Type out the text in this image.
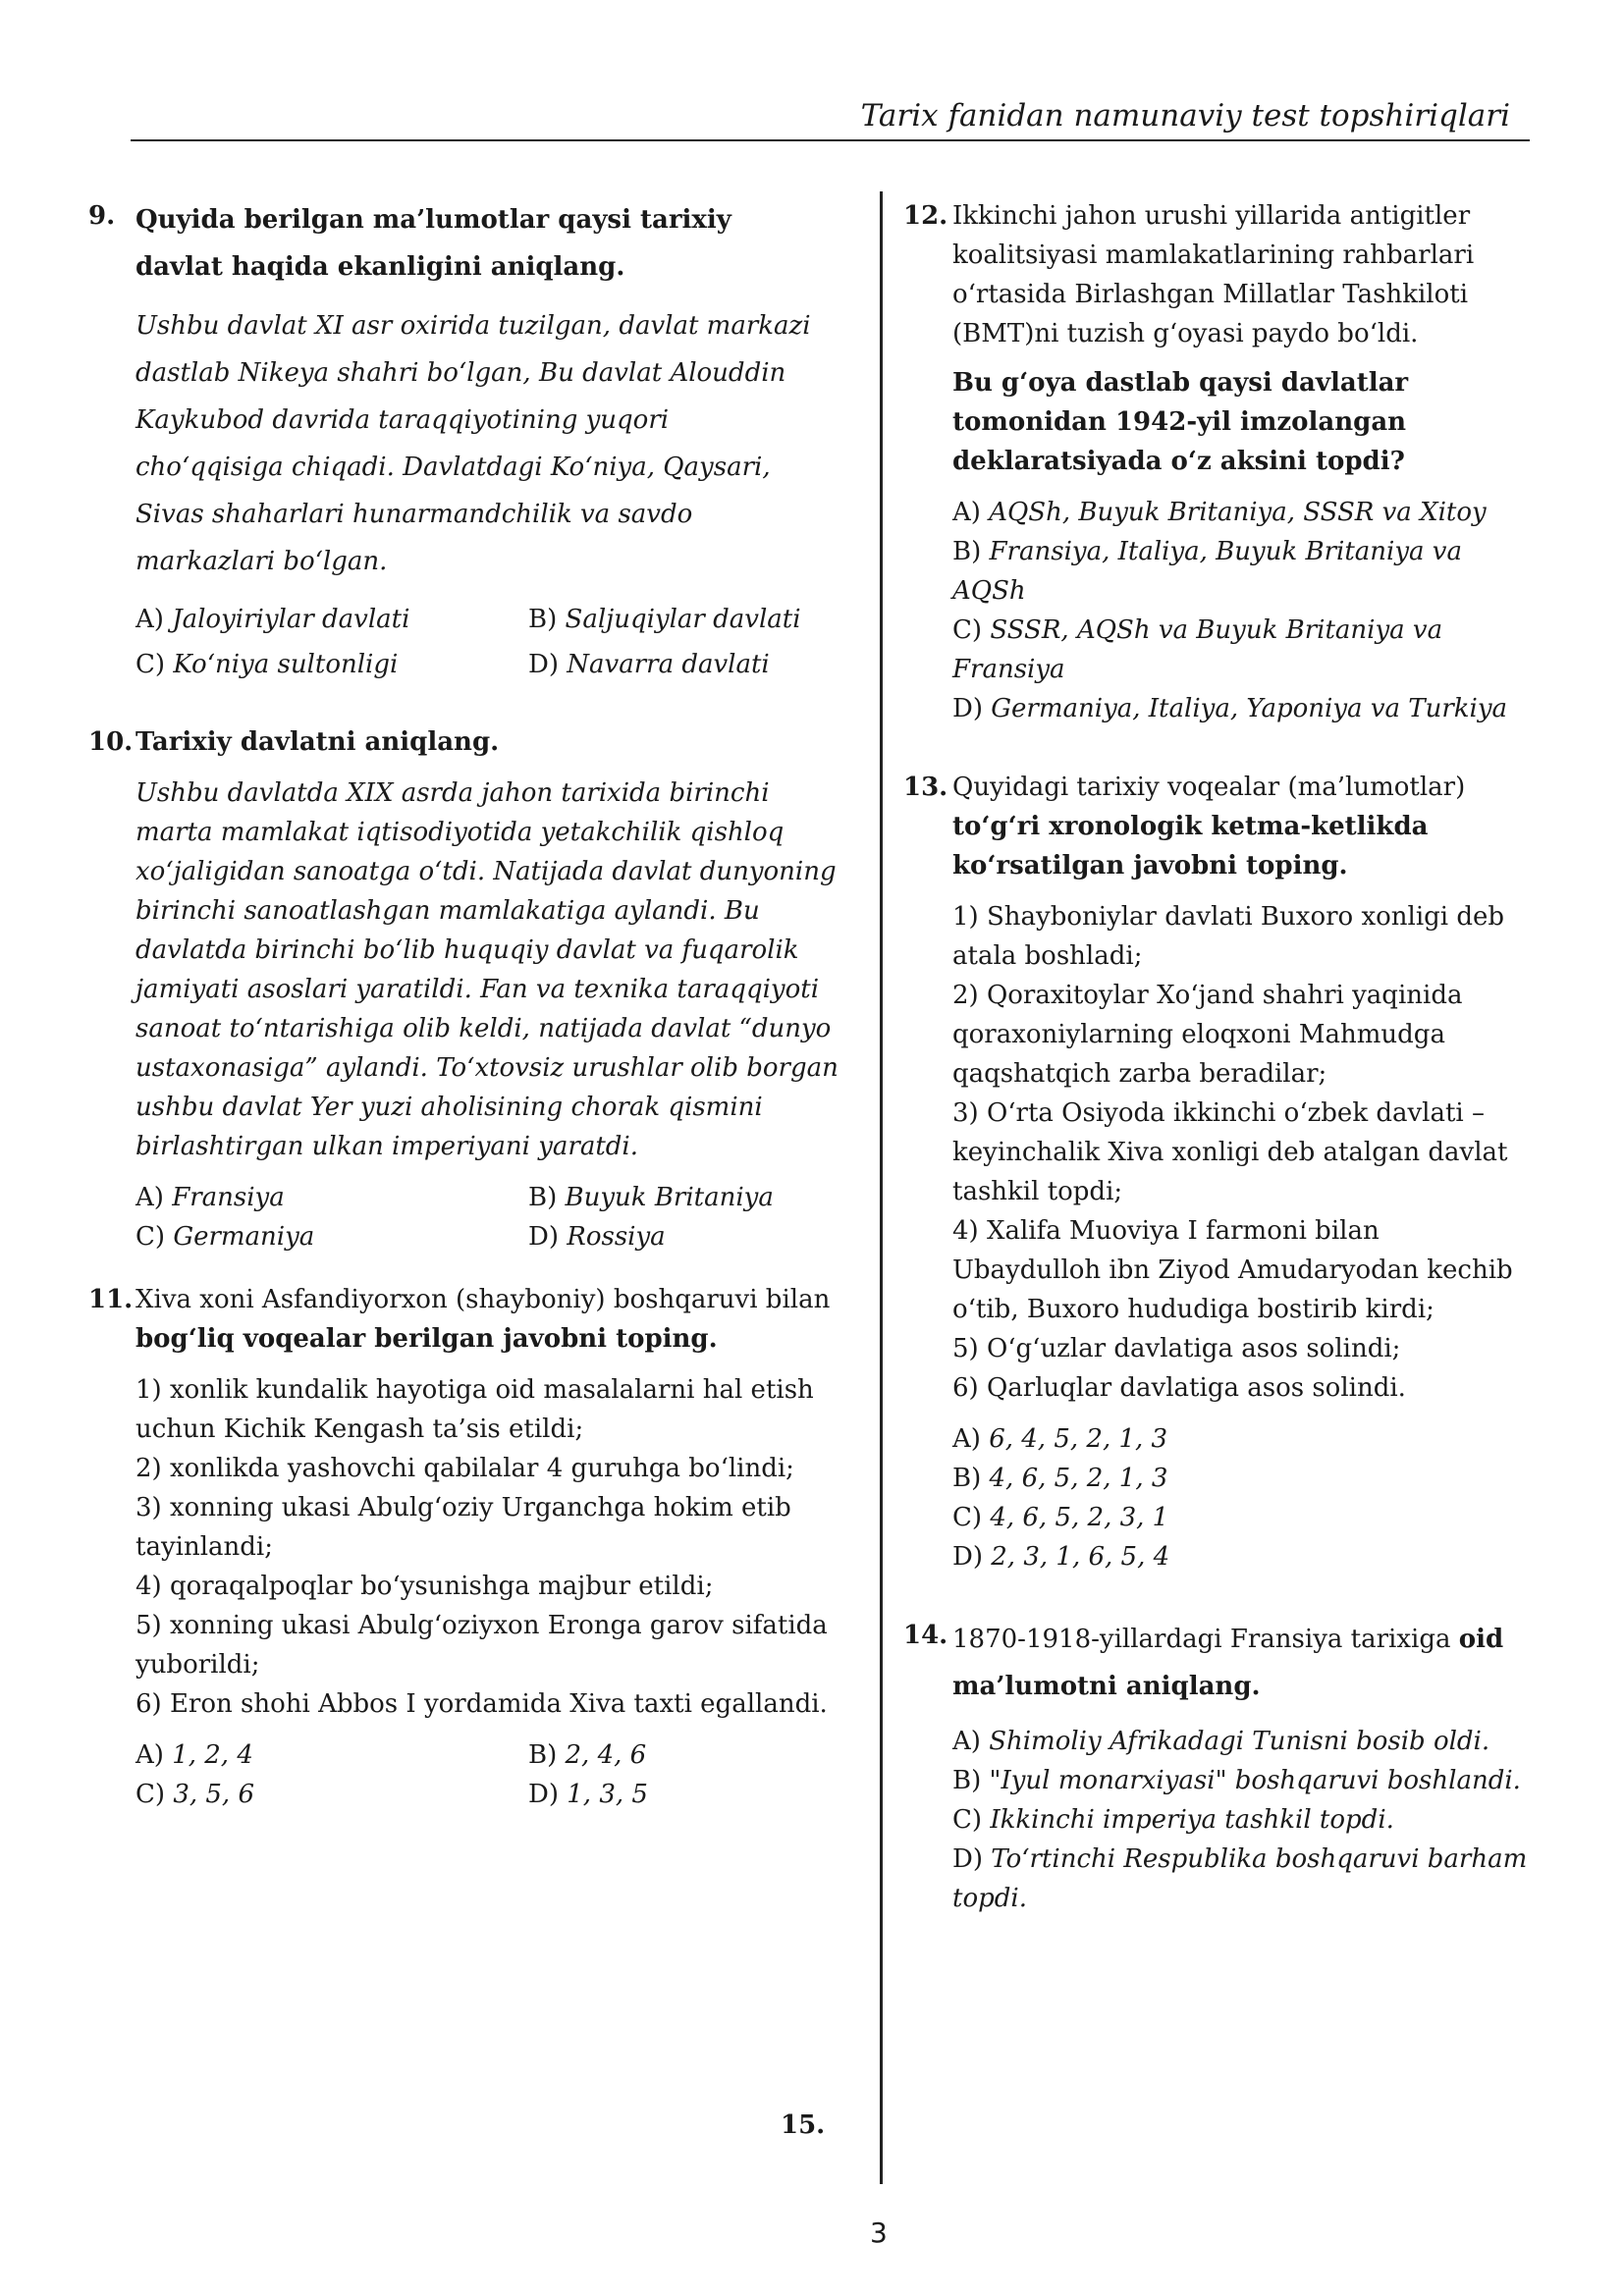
Tarix fanidan namunaviy test topshiriqlari
9. Quyida berilgan ma’lumotlar qaysi tarixiy davlat haqida ekanligini aniqlang.
Ushbu davlat XI asr oxirida tuzilgan, davlat markazi dastlab Nikeya shahri bo‘lgan, Bu davlat Alouddin Kaykubod davrida taraqqiyotining yuqori cho‘qqisiga chiqadi. Davlatdagi Ko‘niya, Qaysari, Sivas shaharlari hunarmandchilik va savdo markazlari bo‘lgan.
A) Jaloyiriylar davlati	B) Saljuqiylar davlati
C) Ko‘niya sultonligi	D) Navarra davlati
10. Tarixiy davlatni aniqlang.
Ushbu davlatda XIX asrda jahon tarixida birinchi marta mamlakat iqtisodiyotida yetakchilik qishloq xo‘jaligidan sanoatga o‘tdi. Natijada davlat dunyoning birinchi sanoatlashgan mamlakatiga aylandi. Bu davlatda birinchi bo‘lib huquqiy davlat va fuqarolik jamiyati asoslari yaratildi. Fan va texnika taraqqiyoti sanoat to‘ntarishiga olib keldi, natijada davlat “dunyo ustaxonasiga” aylandi. To‘xtovsiz urushlar olib borgan ushbu davlat Yer yuzi aholisining chorak qismini birlashtirgan ulkan imperiyani yaratdi.
A) Fransiya	B) Buyuk Britaniya
C) Germaniya	D) Rossiya
11. Xiva xoni Asfandiyorxon (shayboniy) boshqaruvi bilan bog‘liq voqealar berilgan javobni toping.

1) xonlik kundalik hayotiga oid masalalarni hal etish uchun Kichik Kengash ta’sis etildi;

2) xonlikda yashovchi qabilalar 4 guruhga bo‘lindi;

3) xonning ukasi Abulg‘oziy Urganchga hokim etib tayinlandi;

4) qoraqalpoqlar bo‘ysunishga majbur etildi;

5) xonning ukasi Abulg‘oziyxon Eronga garov sifatida yuborildi;

6) Eron shohi Abbos I yordamida Xiva taxti egallandi.

A) 1, 2, 4	B) 2, 4, 6
C) 3, 5, 6	D) 1, 3, 5
15.
12. Ikkinchi jahon urushi yillarida antigitler koalitsiyasi mamlakatlarining rahbarlari o‘rtasida Birlashgan Millatlar Tashkiloti (BMT)ni tuzish g‘oyasi paydo bo‘ldi.
Bu g‘oya dastlab qaysi davlatlar tomonidan 1942-yil imzolangan deklaratsiyada o‘z aksini topdi?
A) AQSh, Buyuk Britaniya, SSSR va Xitoy
B) Fransiya, Italiya, Buyuk Britaniya va AQSh
C) SSSR, AQSh va Buyuk Britaniya va Fransiya
D) Germaniya, Italiya, Yaponiya va Turkiya
13. Quyidagi tarixiy voqealar (ma’lumotlar) to‘g‘ri xronologik ketma-ketlikda ko‘rsatilgan javobni toping.

1) Shayboniylar davlati Buxoro xonligi deb atala boshladi;

2) Qoraxitoylar Xo‘jand shahri yaqinida qoraxoniylarning eloqxoni Mahmudga qaqshatqich zarba beradilar;

3) O‘rta Osiyoda ikkinchi o‘zbek davlati – keyinchalik Xiva xonligi deb atalgan davlat tashkil topdi;

4) Xalifa Muoviya I farmoni bilan Ubaydulloh ibn Ziyod Amudaryodan kechib o‘tib, Buxoro hududiga bostirib kirdi;

5) O‘g‘uzlar davlatiga asos solindi;

6) Qarluqlar davlatiga asos solindi.

A) 6, 4, 5, 2, 1, 3
B) 4, 6, 5, 2, 1, 3
C) 4, 6, 5, 2, 3, 1
D) 2, 3, 1, 6, 5, 4
14. 1870-1918-yillardagi Fransiya tarixiga oid ma’lumotni aniqlang.
A) Shimoliy Afrikadagi Tunisni bosib oldi.
B) "Iyul monarxiyasi" boshqaruvi boshlandi.
C) Ikkinchi imperiya tashkil topdi.
D) To‘rtinchi Respublika boshqaruvi barham topdi.
3
